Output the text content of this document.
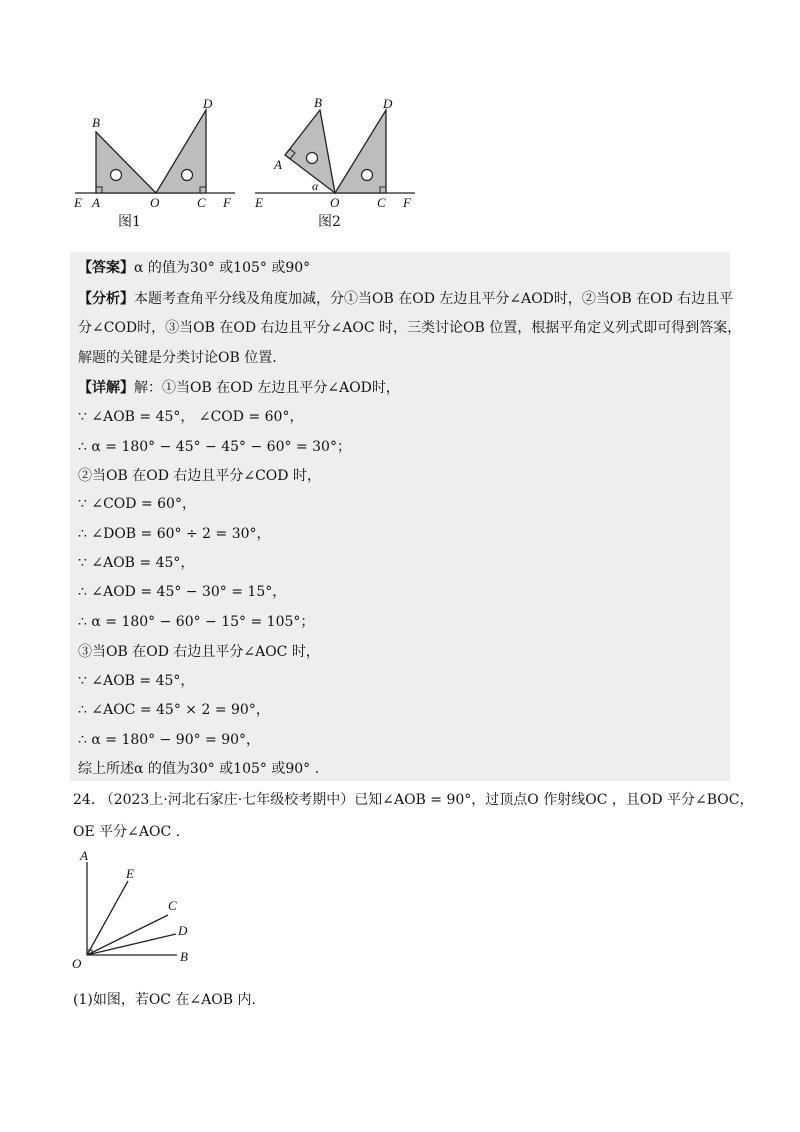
B
D
E A	O	C F
图1
B	D
A
α
E	O	C F
图2
【答案】α 的值为30° 或105° 或90°
【分析】本题考查角平分线及角度加减，分①当OB 在OD 左边且平分∠AOD时，②当OB 在OD 右边且平
分∠COD时，③当OB 在OD 右边且平分∠AOC 时，三类讨论OB 位置，根据平角定义列式即可得到答案，
解题的关键是分类讨论OB 位置.
【详解】解：①当OB 在OD 左边且平分∠AOD时，
∵ ∠AOB = 45°， ∠COD = 60°，
∴ α = 180° − 45° − 45° − 60° = 30°；
②当OB 在OD 右边且平分∠COD 时，
∵ ∠COD = 60°，
∴ ∠DOB = 60° ÷ 2 = 30°，
∵ ∠AOB = 45°，
∴ ∠AOD = 45° − 30° = 15°，
∴ α = 180° − 60° − 15° = 105°；
③当OB 在OD 右边且平分∠AOC 时，
∵ ∠AOB = 45°，
∴ ∠AOC = 45° × 2 = 90°，
∴ α = 180° − 90° = 90°，
综上所述α 的值为30° 或105° 或90° .
24. （2023上·河北石家庄·七年级校考期中）已知∠AOB = 90°，过顶点O 作射线OC ，且OD 平分∠BOC，
OE 平分∠AOC .
A
E
C
D
O	B
(1)如图，若OC 在∠AOB 内.
